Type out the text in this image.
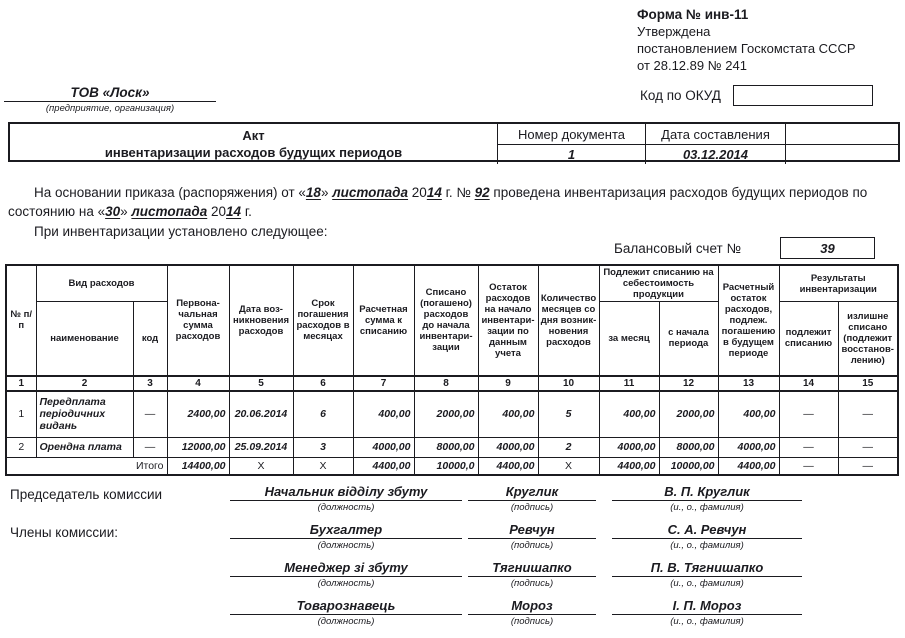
Форма № инв-11
Утверждена
постановлением Госкомстата СССР
от 28.12.89 № 241
ТОВ «Лоск»
(предприятие, организация)
Код по ОКУД
Акт
инвентаризации расходов будущих периодов
Номер документа	Дата составления
1	03.12.2014

На основании приказа (распоряжения) от «18» листопада 2014 г. № 92 проведена инвентаризация расходов будущих периодов по состоянию на «30» листопада 2014 г.

При инвентаризации установлено следующее:

Балансовый счет №	39
№ п/п	Вид расходов		Первона-чальная сумма расходов	Дата воз-никновения расходов	Срок погашения расходов в месяцах	Расчетная сумма к списанию	Списано (погашено) расходов до начала инвентари-зации	Остаток расходов на начало инвентари-зации по данным учета	Количество месяцев со дня возник-новения расходов	Подлежит списанию на себестоимость продукции		Расчетный остаток расходов, подлеж. погашению в будущем периоде	Результаты инвентаризации	
	наименование	код								за месяц	с начала периода		подлежит списанию	излишне списано (подлежит восстанов-лению)
1	2	3	4	5	6	7	8	9	10	11	12	13	14	15
1	Передплата періодичних видань	—	2400,00	20.06.2014	6	400,00	2000,00	400,00	5	400,00	2000,00	400,00	—	—
2	Орендна плата	—	12000,00	25.09.2014	3	4000,00	8000,00	4000,00	2	4000,00	8000,00	4000,00	—	—
Итого			14400,00	Х	Х	4400,00	10000,0	4400,00	Х	4400,00	10000,00	4400,00	—	—
Председатель комиссии	Начальник відділу збуту
(должность)
Круглик
(подпись)
В. П. Круглик
(и., о., фамилия)
Члены комиссии:	Бухгалтер
(должность)
Ревчун
(подпись)
С. А. Ревчун
(и., о., фамилия)
Менеджер зі збуту
(должность)
Тягнишапко
(подпись)
П. В. Тягнишапко
(и., о., фамилия)
Товарознавець
(должность)
Мороз
(подпись)
І. П. Мороз
(и., о., фамилия)
